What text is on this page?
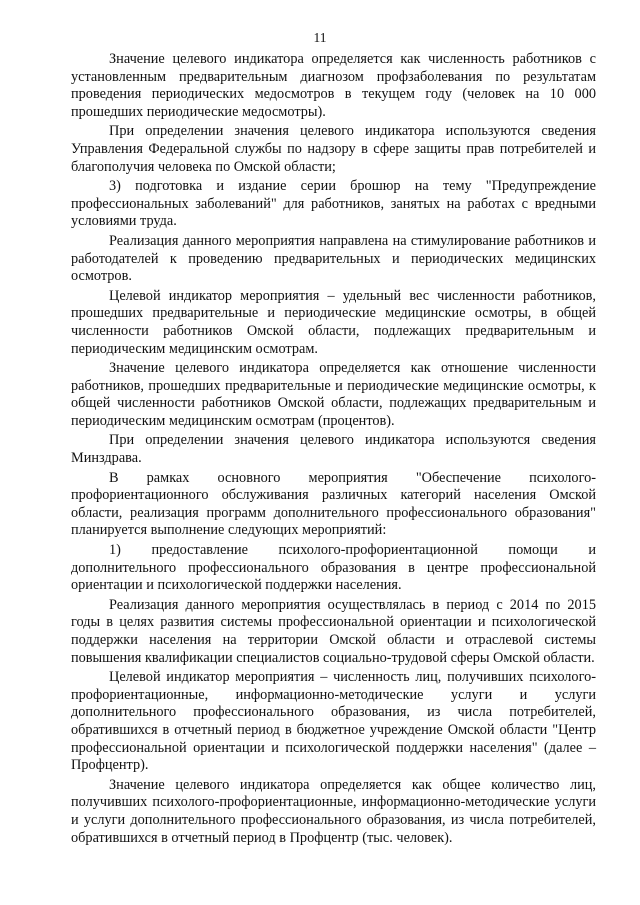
11

Значение целевого индикатора определяется как численность работников с установленным предварительным диагнозом профзаболевания по результатам проведения периодических медосмотров в текущем году (человек на 10 000 прошедших периодические медосмотры).

При определении значения целевого индикатора используются сведения Управления Федеральной службы по надзору в сфере защиты прав потребителей и благополучия человека по Омской области;

3) подготовка и издание серии брошюр на тему "Предупреждение профессиональных заболеваний" для работников, занятых на работах с вредными условиями труда.

Реализация данного мероприятия направлена на стимулирование работников и работодателей к проведению предварительных и периодических медицинских осмотров.

Целевой индикатор мероприятия – удельный вес численности работников, прошедших предварительные и периодические медицинские осмотры, в общей численности работников Омской области, подлежащих предварительным и периодическим медицинским осмотрам.

Значение целевого индикатора определяется как отношение численности работников, прошедших предварительные и периодические медицинские осмотры, к общей численности работников Омской области, подлежащих предварительным и периодическим медицинским осмотрам (процентов).

При определении значения целевого индикатора используются сведения Минздрава.

В рамках основного мероприятия "Обеспечение психолого-профориентационного обслуживания различных категорий населения Омской области, реализация программ дополнительного профессионального образования" планируется выполнение следующих мероприятий:

1) предоставление психолого-профориентационной помощи и дополнительного профессионального образования в центре профессиональной ориентации и психологической поддержки населения.

Реализация данного мероприятия осуществлялась в период с 2014 по 2015 годы в целях развития системы профессиональной ориентации и психологической поддержки населения на территории Омской области и отраслевой системы повышения квалификации специалистов социально-трудовой сферы Омской области.

Целевой индикатор мероприятия – численность лиц, получивших психолого-профориентационные, информационно-методические услуги и услуги дополнительного профессионального образования, из числа потребителей, обратившихся в отчетный период в бюджетное учреждение Омской области "Центр профессиональной ориентации и психологической поддержки населения" (далее – Профцентр).

Значение целевого индикатора определяется как общее количество лиц, получивших психолого-профориентационные, информационно-методические услуги и услуги дополнительного профессионального образования, из числа потребителей, обратившихся в отчетный период в Профцентр (тыс. человек).
